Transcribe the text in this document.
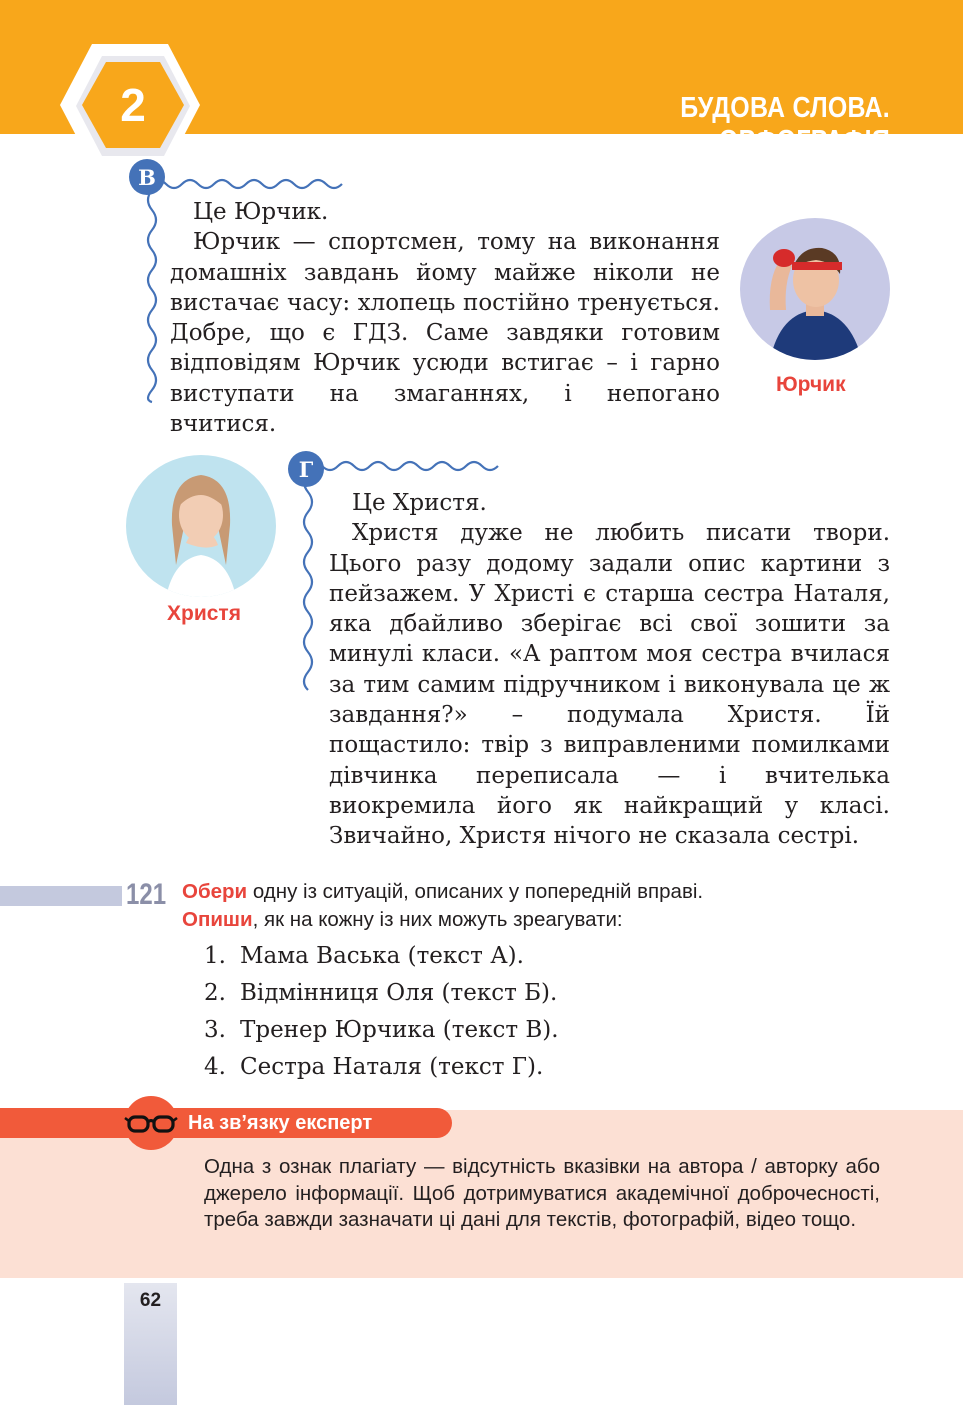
2	БУДОВА СЛОВА. ОРФОГРАФІЯ
В

Це Юрчик.

Юрчик — спортсмен, тому на виконання домашніх завдань йому майже ніколи не вистачає часу: хлопець постійно тренується. Добре, що є ГДЗ. Саме завдяки готовим відповідям Юрчик усюди встигає – і гарно виступати на змаганнях, і непогано вчитися.

Юрчик
Христя
Г

Це Христя.

Христя дуже не любить писати твори. Цього разу додому задали опис картини з пейзажем. У Христі є старша сестра Наталя, яка дбайливо зберігає всі свої зошити за минулі класи. «А раптом моя сестра вчилася за тим самим підручником і виконувала це ж завдання?» – подумала Христя. Їй пощастило: твір з виправленими помилками дівчинка переписала — і вчителька виокремила його як найкращий у класі. Звичайно, Христя нічого не сказала сестрі.

121 Обери одну із ситуацій, описаних у попередній вправі.
Опиши, як на кожну із них можуть зреагувати:
1. Мама Васька (текст А).
2. Відмінниця Оля (текст Б).
3. Тренер Юрчика (текст В).
4. Сестра Наталя (текст Г).
На зв’язку експерт
Одна з ознак плагіату — відсутність вказівки на автора / авторку або джерело інформації. Щоб дотримуватися академічної доброчесності, треба завжди зазначати ці дані для текстів, фотографій, відео тощо.
62
